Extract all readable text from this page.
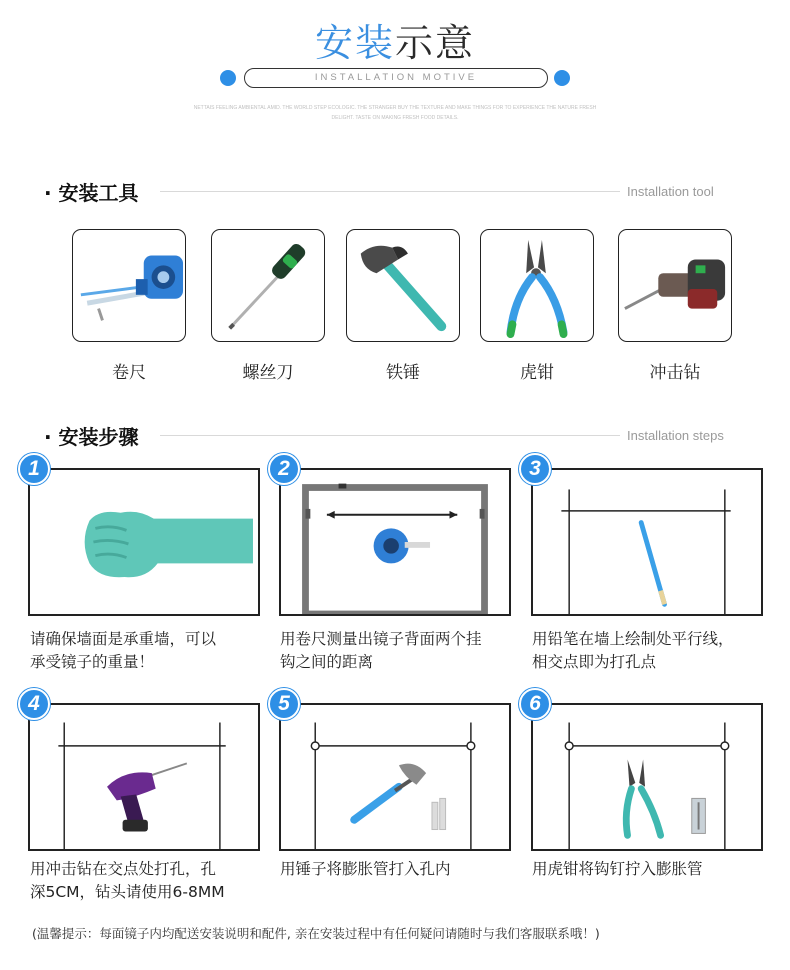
安装示意
INSTALLATION MOTIVE
NETTAIS FEELING AMBIENTAL AMID. THE WORLD STEP ECOLOGIC. THE STRANGER BUY THE TEXTURE AND MAKE THINGS FOR TO EXPERIENCE THE NATURE FRESH
DELIGHT. TASTE ON MAKING FRESH FOOD DETAILS.
· 安装工具	Installation tool
卷尺	螺丝刀	铁锤	虎钳	冲击钻
· 安装步骤	Installation steps
1
请确保墙面是承重墙，可以
承受镜子的重量！
2
用卷尺测量出镜子背面两个挂
钩之间的距离
3
用铅笔在墙上绘制处平行线，
相交点即为打孔点
4
用冲击钻在交点处打孔，孔
深5CM，钻头请使用6-8MM
5
用锤子将膨胀管打入孔内
6
用虎钳将钩钉拧入膨胀管
(温馨提示：每面镜子内均配送安装说明和配件, 亲在安装过程中有任何疑问请随时与我们客服联系哦！)
